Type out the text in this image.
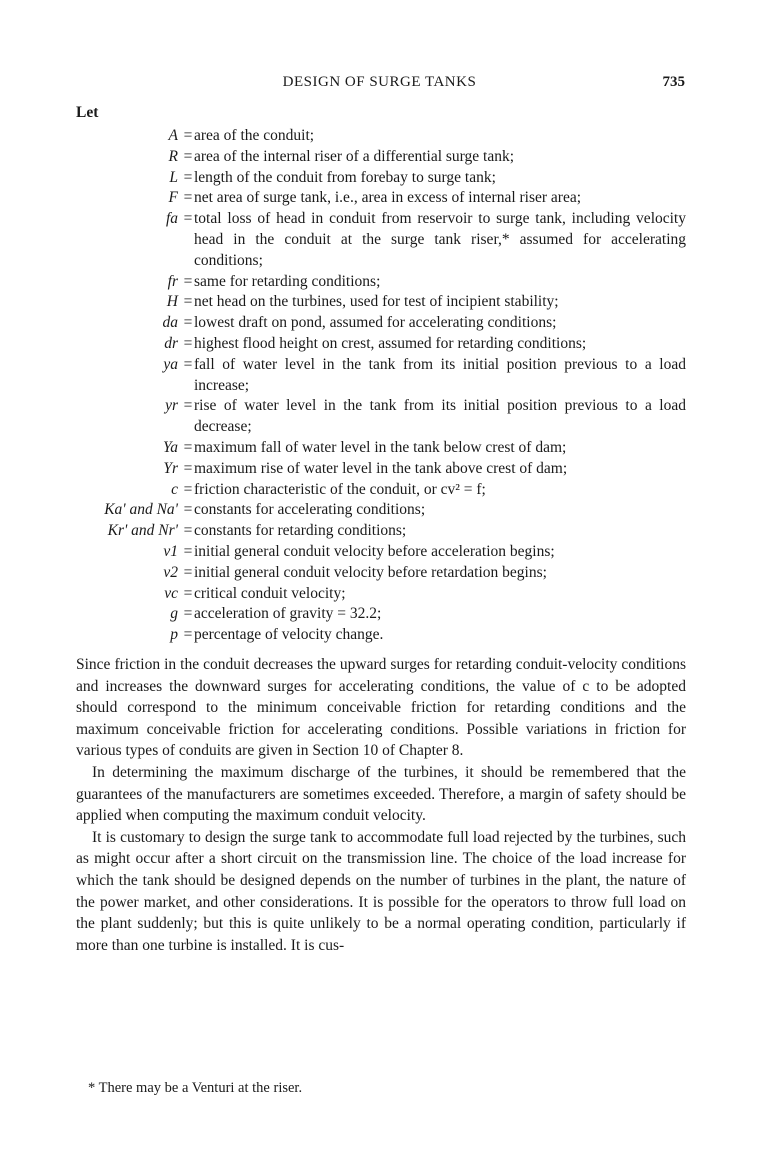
DESIGN OF SURGE TANKS	735
Let
A = area of the conduit;
R = area of the internal riser of a differential surge tank;
L = length of the conduit from forebay to surge tank;
F = net area of surge tank, i.e., area in excess of internal riser area;
fa = total loss of head in conduit from reservoir to surge tank, including velocity head in the conduit at the surge tank riser,* assumed for accelerating conditions;
fr = same for retarding conditions;
H = net head on the turbines, used for test of incipient stability;
da = lowest draft on pond, assumed for accelerating conditions;
dr = highest flood height on crest, assumed for retarding conditions;
ya = fall of water level in the tank from its initial position previous to a load increase;
yr = rise of water level in the tank from its initial position previous to a load decrease;
Ya = maximum fall of water level in the tank below crest of dam;
Yr = maximum rise of water level in the tank above crest of dam;
c = friction characteristic of the conduit, or cv² = f;
Ka' and Na' = constants for accelerating conditions;
Kr' and Nr' = constants for retarding conditions;
v1 = initial general conduit velocity before acceleration begins;
v2 = initial general conduit velocity before retardation begins;
vc = critical conduit velocity;
g = acceleration of gravity = 32.2;
p = percentage of velocity change.

Since friction in the conduit decreases the upward surges for retarding conduit-velocity conditions and increases the downward surges for accelerating conditions, the value of c to be adopted should correspond to the minimum conceivable friction for retarding conditions and the maximum conceivable friction for accelerating conditions. Possible variations in friction for various types of conduits are given in Section 10 of Chapter 8.

In determining the maximum discharge of the turbines, it should be remembered that the guarantees of the manufacturers are sometimes exceeded. Therefore, a margin of safety should be applied when computing the maximum conduit velocity.

It is customary to design the surge tank to accommodate full load rejected by the turbines, such as might occur after a short circuit on the transmission line. The choice of the load increase for which the tank should be designed depends on the number of turbines in the plant, the nature of the power market, and other considerations. It is possible for the operators to throw full load on the plant suddenly; but this is quite unlikely to be a normal operating condition, particularly if more than one turbine is installed. It is cus-

* There may be a Venturi at the riser.
